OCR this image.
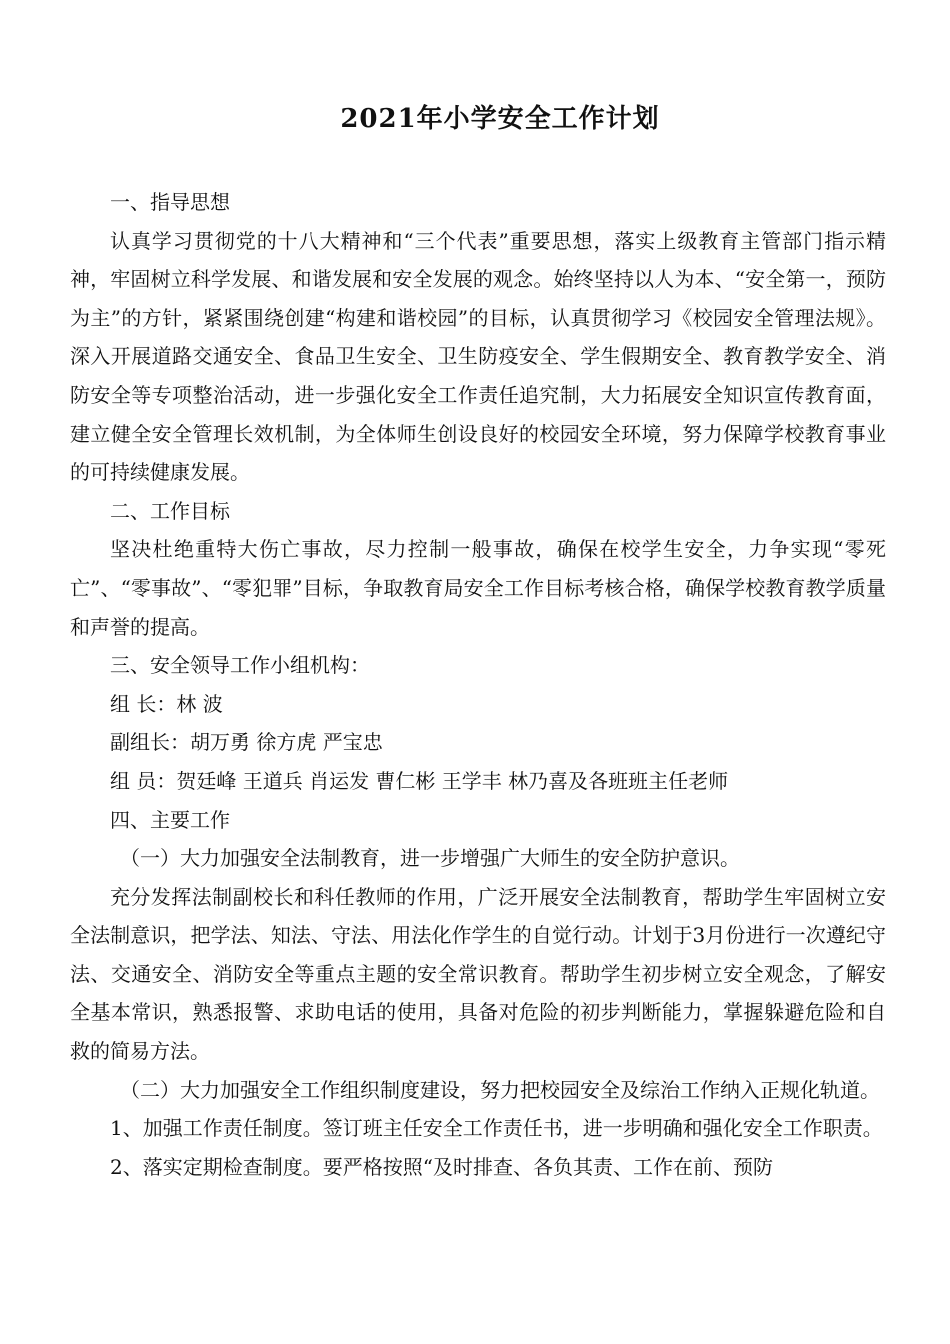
2021年小学安全工作计划

一、指导思想

认真学习贯彻党的十八大精神和“三个代表”重要思想，落实上级教育主管部门指示精神，牢固树立科学发展、和谐发展和安全发展的观念。始终坚持以人为本、“安全第一，预防为主”的方针，紧紧围绕创建“构建和谐校园”的目标，认真贯彻学习《校园安全管理法规》。深入开展道路交通安全、食品卫生安全、卫生防疫安全、学生假期安全、教育教学安全、消防安全等专项整治活动，进一步强化安全工作责任追究制，大力拓展安全知识宣传教育面，建立健全安全管理长效机制，为全体师生创设良好的校园安全环境，努力保障学校教育事业的可持续健康发展。

二、工作目标

坚决杜绝重特大伤亡事故，尽力控制一般事故，确保在校学生安全，力争实现“零死亡”、“零事故”、“零犯罪”目标，争取教育局安全工作目标考核合格，确保学校教育教学质量和声誉的提高。

三、安全领导工作小组机构：

组 长：林 波

副组长：胡万勇 徐方虎 严宝忠

组 员：贺廷峰 王道兵 肖运发 曹仁彬 王学丰 林乃喜及各班班主任老师

四、主要工作

（一）大力加强安全法制教育，进一步增强广大师生的安全防护意识。

充分发挥法制副校长和科任教师的作用，广泛开展安全法制教育，帮助学生牢固树立安全法制意识，把学法、知法、守法、用法化作学生的自觉行动。计划于3月份进行一次遵纪守法、交通安全、消防安全等重点主题的安全常识教育。帮助学生初步树立安全观念，了解安全基本常识，熟悉报警、求助电话的使用，具备对危险的初步判断能力，掌握躲避危险和自救的简易方法。

（二）大力加强安全工作组织制度建设，努力把校园安全及综治工作纳入正规化轨道。

1、加强工作责任制度。签订班主任安全工作责任书，进一步明确和强化安全工作职责。

2、落实定期检查制度。要严格按照“及时排查、各负其责、工作在前、预防
